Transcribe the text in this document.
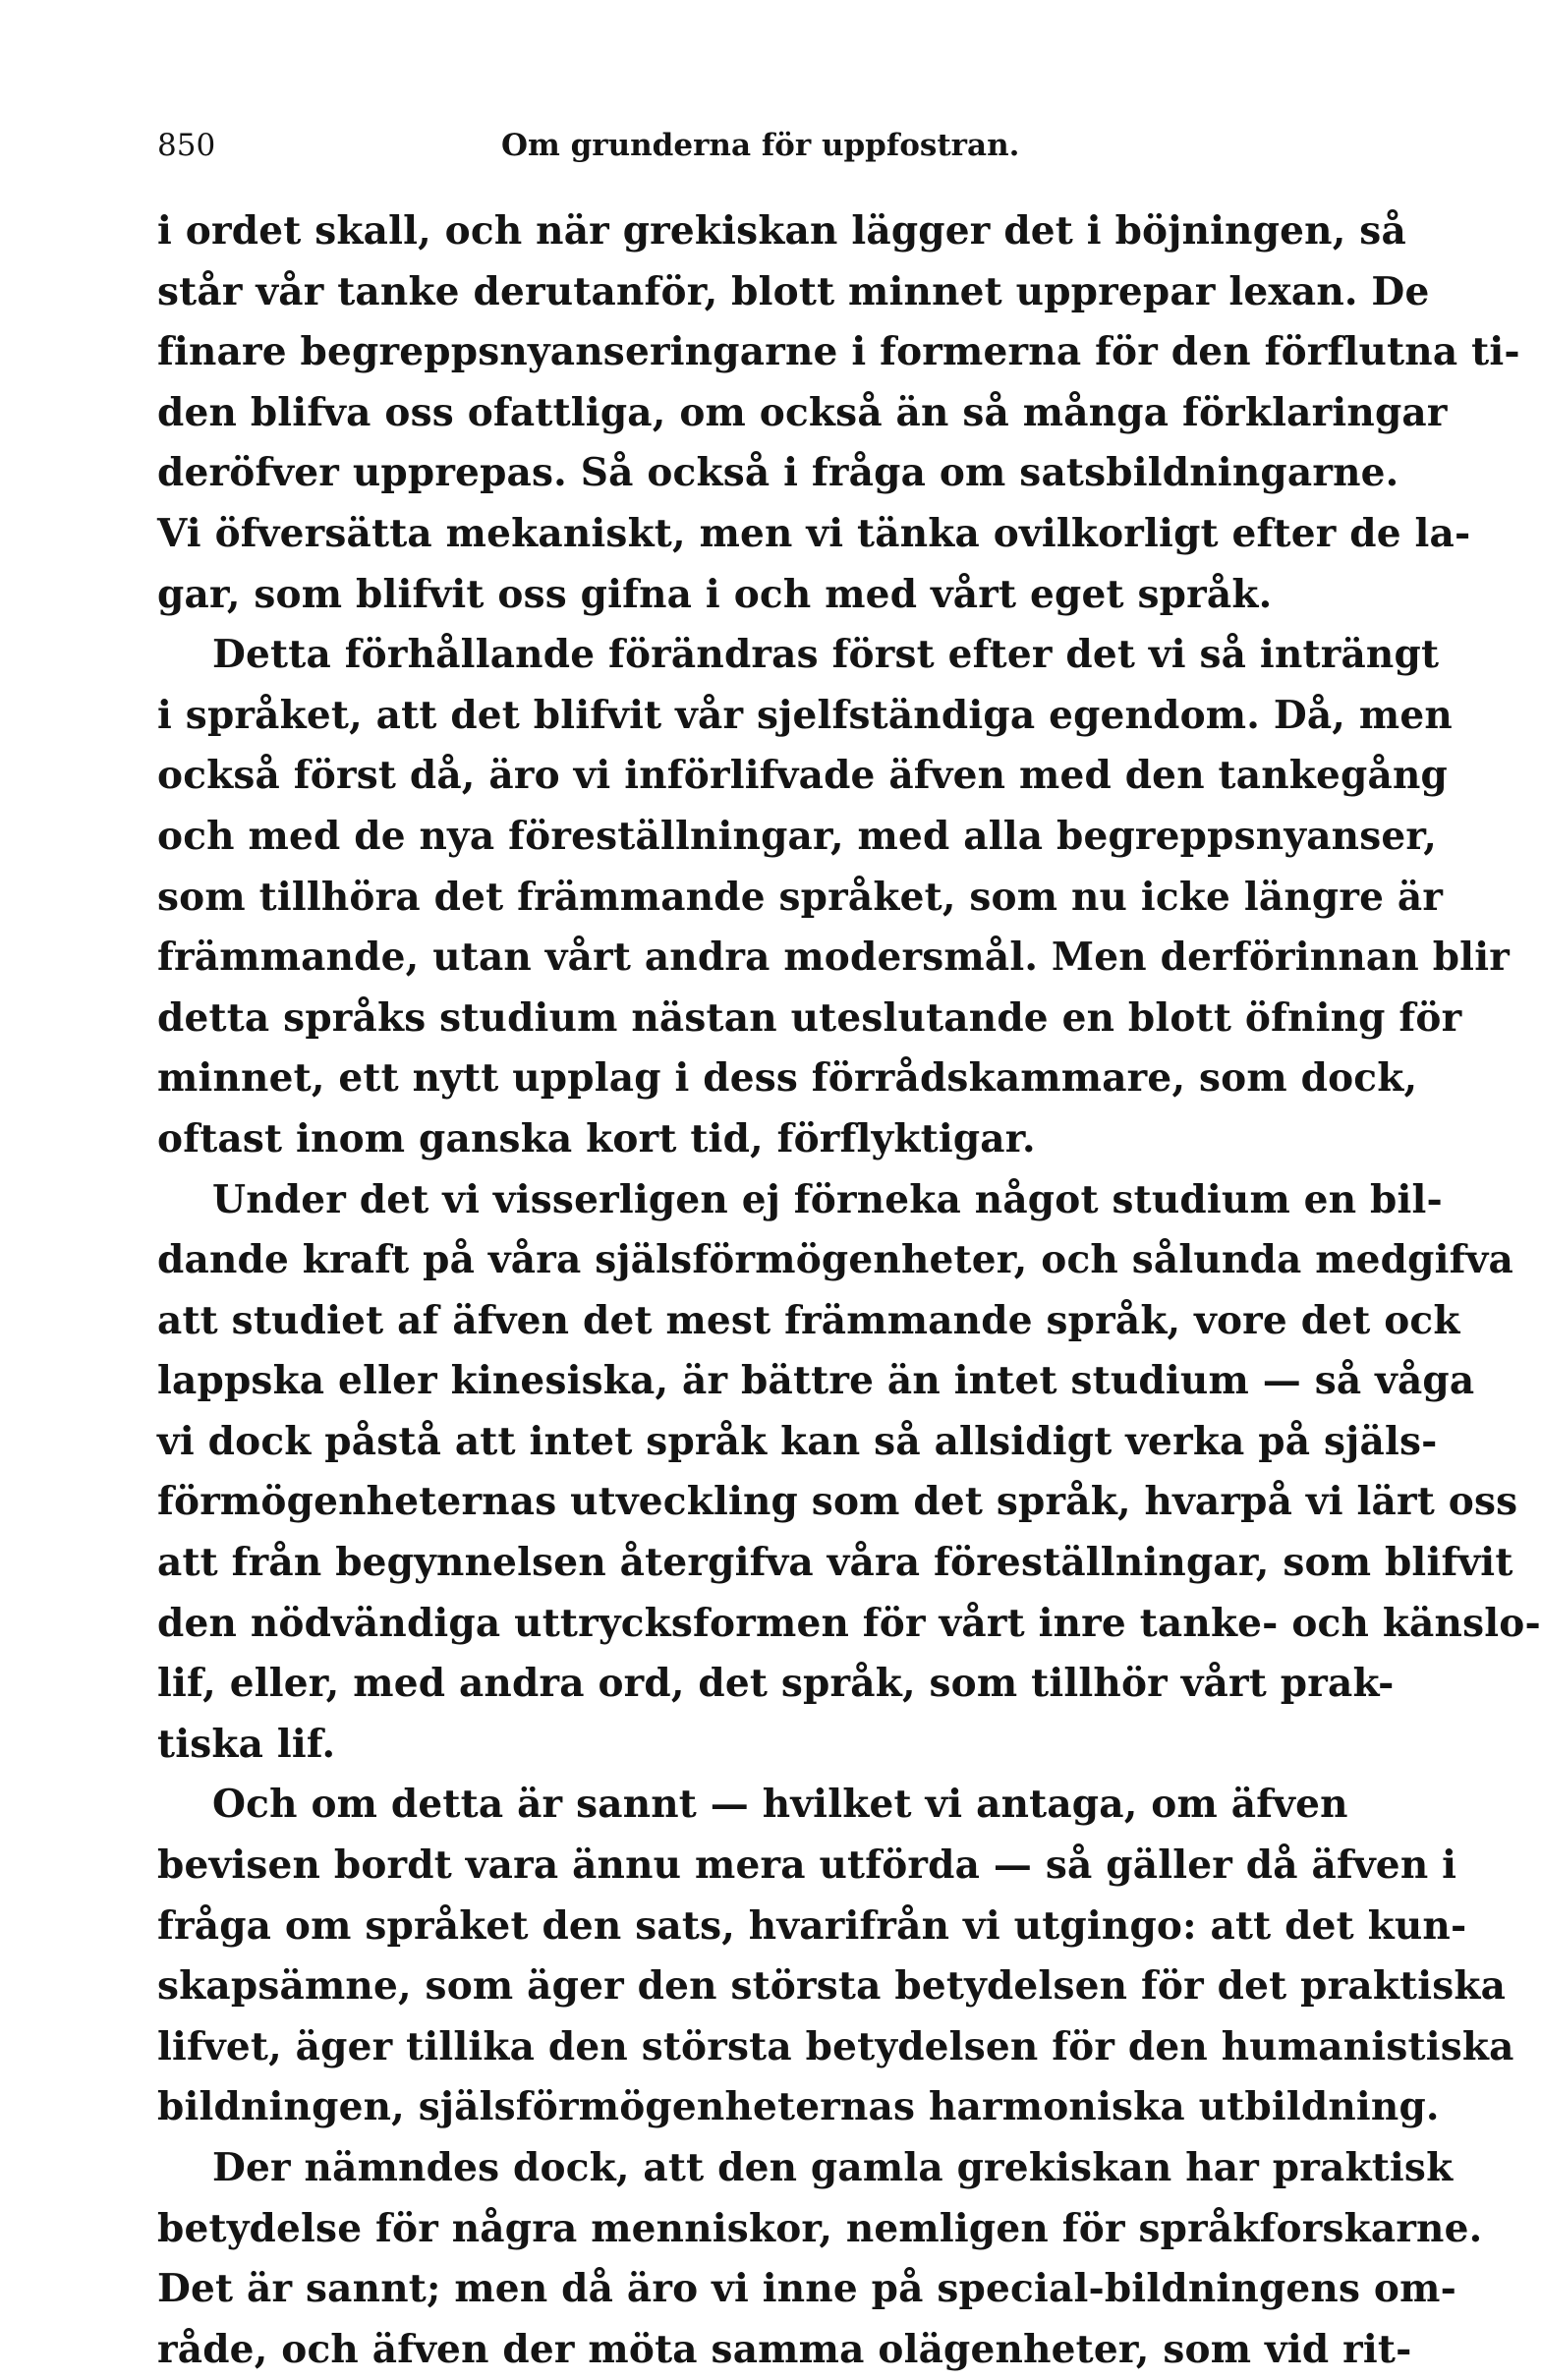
850	Om grunderna för uppfostran.
i ordet skall, och när grekiskan lägger det i böjningen, så
står vår tanke derutanför, blott minnet upprepar lexan. De
finare begreppsnyanseringarne i formerna för den förflutna ti-
den blifva oss ofattliga, om också än så många förklaringar
deröfver upprepas. Så också i fråga om satsbildningarne.
Vi öfversätta mekaniskt, men vi tänka ovilkorligt efter de la-
gar, som blifvit oss gifna i och med vårt eget språk.
Detta förhållande förändras först efter det vi så inträngt
i språket, att det blifvit vår sjelfständiga egendom. Då, men
också först då, äro vi införlifvade äfven med den tankegång
och med de nya föreställningar, med alla begreppsnyanser,
som tillhöra det främmande språket, som nu icke längre är
främmande, utan vårt andra modersmål. Men derförinnan blir
detta språks studium nästan uteslutande en blott öfning för
minnet, ett nytt upplag i dess förrådskammare, som dock,
oftast inom ganska kort tid, förflyktigar.
Under det vi visserligen ej förneka något studium en bil-
dande kraft på våra själsförmögenheter, och sålunda medgifva
att studiet af äfven det mest främmande språk, vore det ock
lappska eller kinesiska, är bättre än intet studium — så våga
vi dock påstå att intet språk kan så allsidigt verka på själs-
förmögenheternas utveckling som det språk, hvarpå vi lärt oss
att från begynnelsen återgifva våra föreställningar, som blifvit
den nödvändiga uttrycksformen för vårt inre tanke- och känslo-
lif, eller, med andra ord, det språk, som tillhör vårt prak-
tiska lif.
Och om detta är sannt — hvilket vi antaga, om äfven
bevisen bordt vara ännu mera utförda — så gäller då äfven i
fråga om språket den sats, hvarifrån vi utgingo: att det kun-
skapsämne, som äger den största betydelsen för det praktiska
lifvet, äger tillika den största betydelsen för den humanistiska
bildningen, själsförmögenheternas harmoniska utbildning.
Der nämndes dock, att den gamla grekiskan har praktisk
betydelse för några menniskor, nemligen för språkforskarne.
Det är sannt; men då äro vi inne på special-bildningens om-
råde, och äfven der möta samma olägenheter, som vid rit-
